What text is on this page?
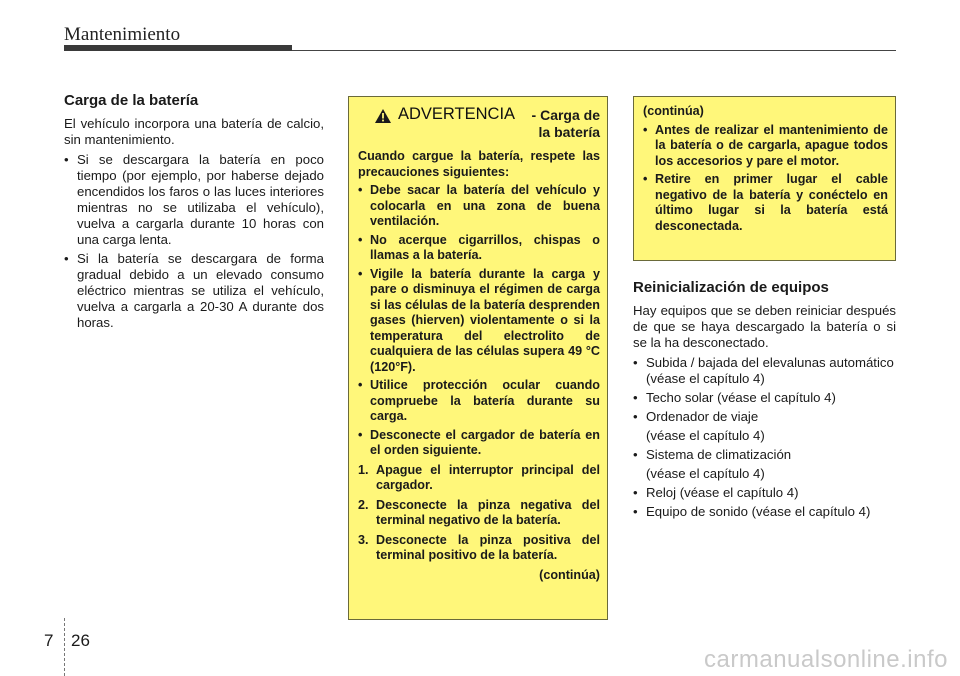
Mantenimiento
Carga de la batería

El vehículo incorpora una batería de calcio, sin mantenimiento.

• Si se descargara la batería en poco tiempo (por ejemplo, por haberse dejado encendidos los faros o las luces interiores mientras no se utilizaba el vehículo), vuelva a cargarla durante 10 horas con una carga lenta.
• Si la batería se descargara de forma gradual debido a un elevado consumo eléctrico mientras se utiliza el vehículo, vuelva a cargarla a 20-30 A durante dos horas.
ADVERTENCIA - Carga de
la batería

Cuando cargue la batería, respete las precauciones siguientes:

• Debe sacar la batería del vehículo y colocarla en una zona de buena ventilación.
• No acerque cigarrillos, chispas o llamas a la batería.
• Vigile la batería durante la carga y pare o disminuya el régimen de carga si las células de la batería desprenden gases (hierven) violentamente o si la temperatura del electrolito de cualquiera de las células supera 49 °C (120°F).
• Utilice protección ocular cuando compruebe la batería durante su carga.
• Desconecte el cargador de batería en el orden siguiente.
1. Apague el interruptor principal del cargador.
2. Desconecte la pinza negativa del terminal negativo de la batería.
3. Desconecte la pinza positiva del terminal positivo de la batería.
(continúa)

(continúa)

• Antes de realizar el mantenimiento de la batería o de cargarla, apague todos los accesorios y pare el motor.
• Retire en primer lugar el cable negativo de la batería y conéctelo en último lugar si la batería está desconectada.
Reinicialización de equipos

Hay equipos que se deben reiniciar después de que se haya descargado la batería o si se la ha desconectado.

• Subida / bajada del elevalunas automático (véase el capítulo 4)
• Techo solar (véase el capítulo 4)
• Ordenador de viaje
(véase el capítulo 4)
• Sistema de climatización
(véase el capítulo 4)
• Reloj (véase el capítulo 4)
• Equipo de sonido (véase el capítulo 4)
7 26
carmanualsonline.info
